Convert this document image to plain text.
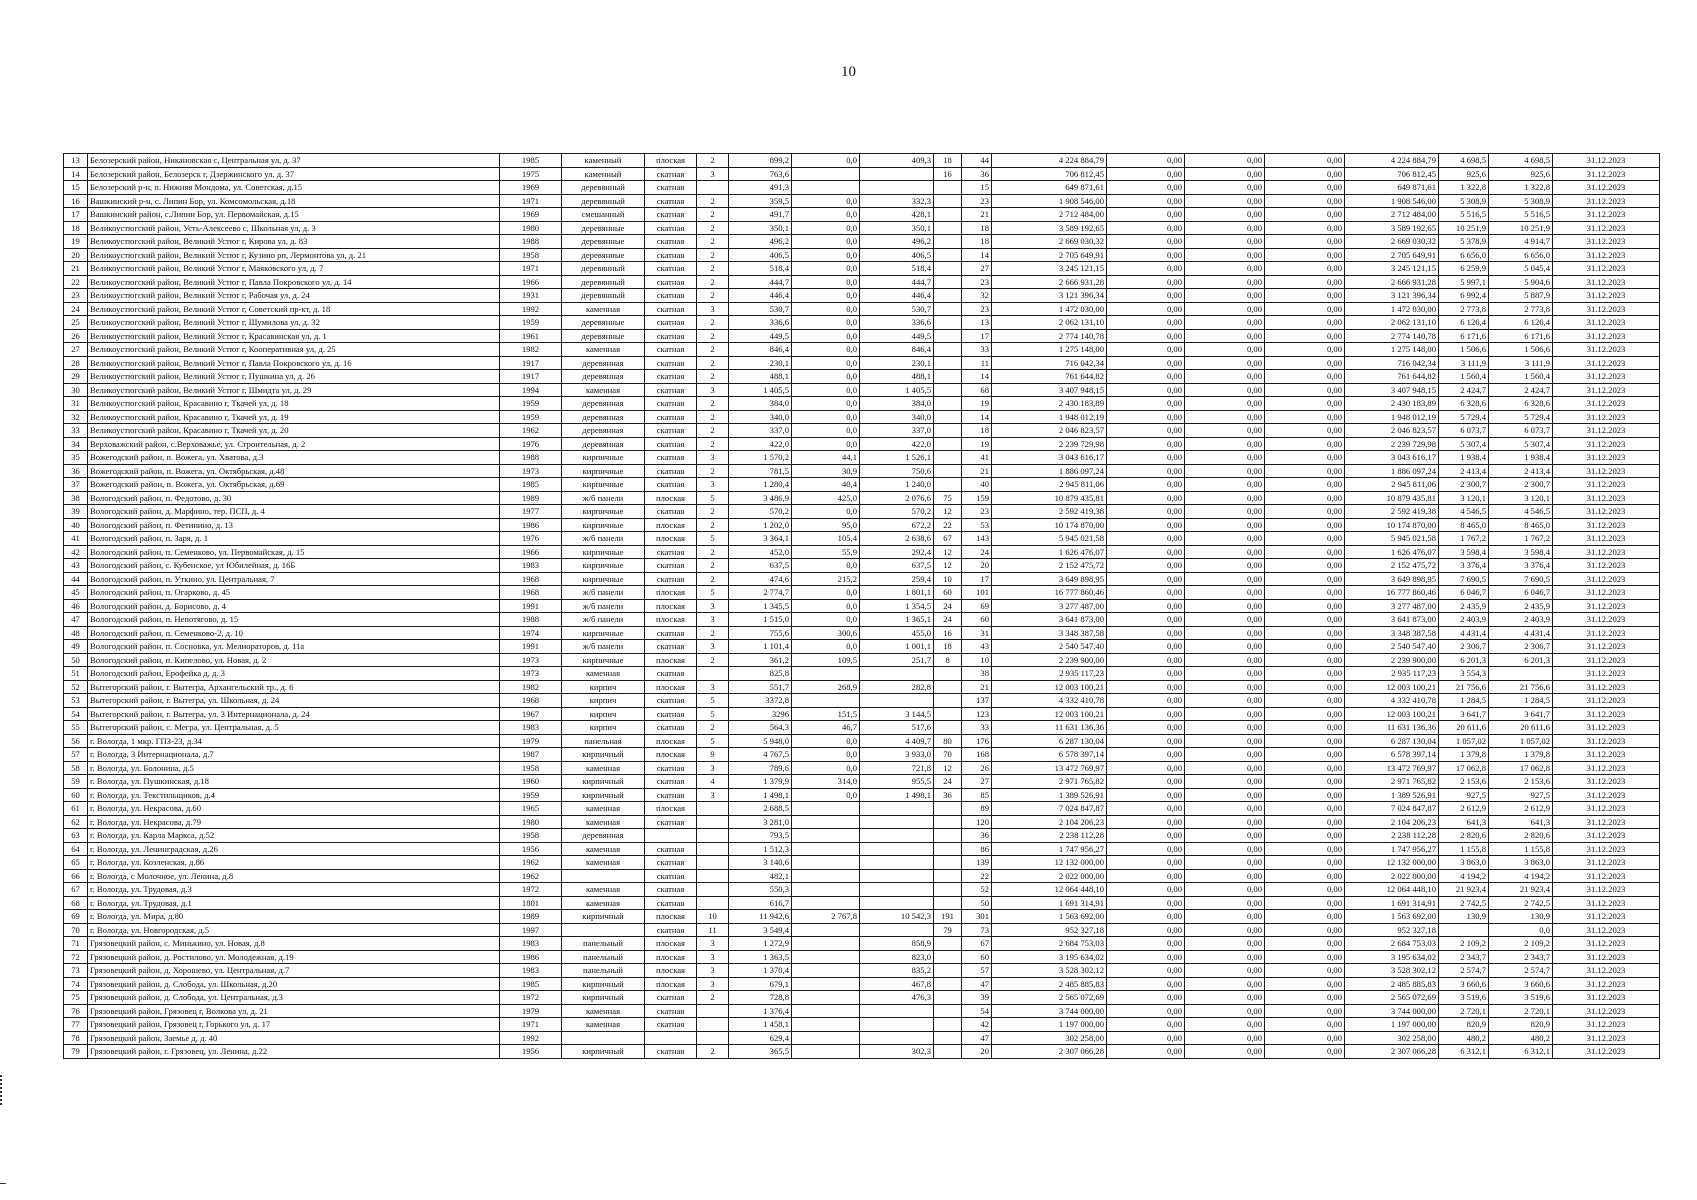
10
13	Белозерский район, Никановская с, Центральная ул, д. 37	1985	каменный	плоская	2	899,2	0,0	409,3	18	44	4 224 884,79	0,00	0,00	0,00	4 224 884,79	4 698,5	4 698,5	31.12.2023
14	Белозерский район, Белозерск г, Дзержинского ул, д. 37	1975	каменный	скатная	3	763,6			16	36	706 812,45	0,00	0,00	0,00	706 812,45	925,6	925,6	31.12.2023
15	Белозерский р-н, п. Нижняя Мондома, ул. Советская, д.15	1969	деревянный	скатная		491,3				15	649 871,61	0,00	0,00	0,00	649 871,61	1 322,8	1 322,8	31.12.2023
16	Вашкинский р-н, с. Липин Бор, ул. Комсомольская, д.18	1971	деревянный	скатная	2	359,5	0,0	332,3		23	1 908 546,00	0,00	0,00	0,00	1 908 546,00	5 308,9	5 308,9	31.12.2023
17	Вашкинский район, с.Липин Бор, ул. Первомайская, д.15	1969	смешанный	скатная	2	491,7	0,0	428,1		21	2 712 484,00	0,00	0,00	0,00	2 712 484,00	5 516,5	5 516,5	31.12.2023
18	Великоустюгский район, Усть-Алексеево с, Школьная ул, д. 3	1980	деревянные	скатная	2	350,1	0,0	350,1		18	3 589 192,65	0,00	0,00	0,00	3 589 192,65	10 251,9	10 251,9	31.12.2023
19	Великоустюгский район, Великий Устюг г, Кирова ул, д. 83	1988	деревянные	скатная	2	496,2	0,0	496,2		18	2 669 030,32	0,00	0,00	0,00	2 669 030,32	5 378,9	4 914,7	31.12.2023
20	Великоустюгский район, Великий Устюг г, Кузино рп, Лермонтова ул, д. 21	1958	деревянные	скатная	2	406,5	0,0	406,5		14	2 705 649,91	0,00	0,00	0,00	2 705 649,91	6 656,0	6 656,0	31.12.2023
21	Великоустюгский район, Великий Устюг г, Маяковского ул, д. 7	1971	деревянный	скатная	2	518,4	0,0	518,4		27	3 245 121,15	0,00	0,00	0,00	3 245 121,15	6 259,9	5 045,4	31.12.2023
22	Великоустюгский район, Великий Устюг г, Павла Покровского ул, д. 14	1966	деревянный	скатная	2	444,7	0,0	444,7		23	2 666 931,28	0,00	0,00	0,00	2 666 931,28	5 997,1	5 904,6	31.12.2023
23	Великоустюгский район, Великий Устюг г, Рабочая ул, д. 24	1931	деревянный	скатная	2	446,4	0,0	446,4		32	3 121 396,34	0,00	0,00	0,00	3 121 396,34	6 992,4	5 887,9	31.12.2023
24	Великоустюгский район, Великий Устюг г, Советский пр-кт, д. 18	1992	каменная	скатная	3	530,7	0,0	530,7		23	1 472 030,00	0,00	0,00	0,00	1 472 030,00	2 773,8	2 773,8	31.12.2023
25	Великоустюгский район, Великий Устюг г, Шумилова ул, д. 32	1959	деревянные	скатная	2	336,6	0,0	336,6		13	2 062 131,10	0,00	0,00	0,00	2 062 131,10	6 126,4	6 126,4	31.12.2023
26	Великоустюгский район, Великий Устюг г, Красавинская ул, д. 1	1961	деревянные	скатная	2	449,5	0,0	449,5		17	2 774 140,78	0,00	0,00	0,00	2 774 140,78	6 171,6	6 171,6	31.12.2023
27	Великоустюгский район, Великий Устюг г, Кооперативная ул, д. 25	1982	каменная	скатная	2	846,4	0,0	846,4		33	1 275 148,00	0,00	0,00	0,00	1 275 148,00	1 506,6	1 506,6	31.12.2023
28	Великоустюгский район, Великий Устюг г, Павла Покровского ул, д. 16	1917	деревянная	скатная	2	230,1	0,0	230,1		11	716 042,34	0,00	0,00	0,00	716 042,34	3 111,9	3 111,9	31.12.2023
29	Великоустюгский район, Великий Устюг г, Пушкина ул, д. 26	1917	деревянная	скатная	2	488,1	0,0	488,1		14	761 644,82	0,00	0,00	0,00	761 644,82	1 560,4	1 560,4	31.12.2023
30	Великоустюгский район, Великий Устюг г, Шмидта ул, д. 29	1994	каменная	скатная	3	1 405,5	0,0	1 405,5		68	3 407 948,15	0,00	0,00	0,00	3 407 948,15	2 424,7	2 424,7	31.12.2023
31	Великоустюгский район, Красавино г, Ткачей ул, д. 18	1959	деревянная	скатная	2	384,0	0,0	384,0		19	2 430 183,89	0,00	0,00	0,00	2 430 183,89	6 328,6	6 328,6	31.12.2023
32	Великоустюгский район, Красавино г, Ткачей ул, д. 19	1959	деревянная	скатная	2	340,0	0,0	340,0		14	1 948 012,19	0,00	0,00	0,00	1 948 012,19	5 729,4	5 729,4	31.12.2023
33	Великоустюгский район, Красавино г, Ткачей ул, д. 20	1962	деревянная	скатная	2	337,0	0,0	337,0		18	2 046 823,57	0,00	0,00	0,00	2 046 823,57	6 073,7	6 073,7	31.12.2023
34	Верховажский район, с.Верховажье, ул. Строительная, д. 2	1976	деревянная	скатная	2	422,0	0,0	422,0		19	2 239 729,98	0,00	0,00	0,00	2 239 729,98	5 307,4	5 307,4	31.12.2023
35	Вожегодский район, п. Вожега, ул. Хватова, д.3	1988	кирпичные	скатная	3	1 570,2	44,1	1 526,1		41	3 043 616,17	0,00	0,00	0,00	3 043 616,17	1 938,4	1 938,4	31.12.2023
36	Вожегодский район, п. Вожега, ул. Октябрьская, д.48	1973	кирпичные	скатная	2	781,5	30,9	750,6		21	1 886 097,24	0,00	0,00	0,00	1 886 097,24	2 413,4	2 413,4	31.12.2023
37	Вожегодский район, п. Вожега, ул. Октябрьская, д.69	1985	кирпичные	скатная	3	1 280,4	40,4	1 240,0		40	2 945 811,06	0,00	0,00	0,00	2 945 811,06	2 300,7	2 300,7	31.12.2023
38	Вологодский район, п. Федотово, д. 30	1989	ж/б панели	плоская	5	3 486,9	425,0	2 076,6	75	159	10 879 435,81	0,00	0,00	0,00	10 879 435,81	3 120,1	3 120,1	31.12.2023
39	Вологодский район, д. Марфино, тер. ПСП, д. 4	1977	кирпичные	скатная	2	570,2	0,0	570,2	12	23	2 592 419,38	0,00	0,00	0,00	2 592 419,38	4 546,5	4 546,5	31.12.2023
40	Вологодский район, п. Фетинино, д. 13	1986	кирпичные	плоская	2	1 202,0	95,0	672,2	22	53	10 174 870,00	0,00	0,00	0,00	10 174 870,00	8 465,0	8 465,0	31.12.2023
41	Вологодский район, п. Заря, д. 1	1976	ж/б панели	плоская	5	3 364,1	105,4	2 638,6	67	143	5 945 021,58	0,00	0,00	0,00	5 945 021,58	1 767,2	1 767,2	31.12.2023
42	Вологодский район, п. Семенково, ул. Первомайская, д. 15	1966	кирпичные	скатная	2	452,0	55,9	292,4	12	24	1 626 476,07	0,00	0,00	0,00	1 626 476,07	3 598,4	3 598,4	31.12.2023
43	Вологодский район, с. Кубенское, ул Юбилейная, д. 16Б	1983	кирпичные	скатная	2	637,5	0,0	637,5	12	20	2 152 475,72	0,00	0,00	0,00	2 152 475,72	3 376,4	3 376,4	31.12.2023
44	Вологодский район, п. Уткино, ул. Центральная, 7	1968	кирпичные	скатная	2	474,6	215,2	259,4	10	17	3 649 898,95	0,00	0,00	0,00	3 649 898,95	7 690,5	7 690,5	31.12.2023
45	Вологодский район, п. Огарково, д. 45	1968	ж/б панели	плоская	5	2 774,7	0,0	1 801,1	60	101	16 777 860,46	0,00	0,00	0,00	16 777 860,46	6 046,7	6 046,7	31.12.2023
46	Вологодский район, д. Борисово, д. 4	1991	ж/б панели	плоская	3	1 345,5	0,0	1 354,5	24	69	3 277 487,00	0,00	0,00	0,00	3 277 487,00	2 435,9	2 435,9	31.12.2023
47	Вологодский район, п. Непотягово, д. 15	1988	ж/б панели	плоская	3	1 515,0	0,0	1 365,1	24	60	3 641 873,00	0,00	0,00	0,00	3 641 873,00	2 403,9	2 403,9	31.12.2023
48	Вологодский район, п. Семенково-2, д. 10	1974	кирпичные	скатная	2	755,6	300,6	455,0	16	31	3 348 387,58	0,00	0,00	0,00	3 348 387,58	4 431,4	4 431,4	31.12.2023
49	Вологодский район, п. Сосновка, ул. Мелиораторов, д. 11а	1991	ж/б панели	скатная	3	1 101,4	0,0	1 001,1	18	43	2 540 547,40	0,00	0,00	0,00	2 540 547,40	2 306,7	2 306,7	31.12.2023
50	Вологодский район, п. Кипелово, ул. Новая, д. 2	1973	кирпичные	плоская	2	361,2	109,5	251,7	8	10	2 239 900,00	0,00	0,00	0,00	2 239 900,00	6 201,3	6 201,3	31.12.2023
51	Вологодский район, Ерофейка д, д. 3	1973	каменная	скатная		825,8				38	2 935 117,23	0,00	0,00	0,00	2 935 117,23	3 554,3		31.12.2023
52	Вытегорский район, г. Вытегра, Архангельский тр., д. 6	1982	кирпич	плоская	3	551,7	268,9	282,8		21	12 003 100,21	0,00	0,00	0,00	12 003 100,21	21 756,6	21 756,6	31.12.2023
53	Вытегорский район, г. Вытегра, ул. Школьная, д. 24	1968	кирпич	скатная	5	3372,8				137	4 332 410,78	0,00	0,00	0,00	4 332 410,78	1 284,5	1 284,5	31.12.2023
54	Вытегорский район, г. Вытегра, ул. 3 Интернационала, д. 24	1967	кирпич	скатная	5	3296	151,5	3 144,5		123	12 003 100,21	0,00	0,00	0,00	12 003 100,21	3 641,7	3 641,7	31.12.2023
55	Вытегорский район, с. Мегра, ул. Центральная, д. 5	1983	кирпич	скатная	2	564,3	46,7	517,6		33	11 631 136,36	0,00	0,00	0,00	11 631 136,36	20 611,6	20 611,6	31.12.2023
56	г. Вологда, 1 мкр. ГПЗ-23, д.34	1979	панельная	плоская	5	5 948,0	0,0	4 409,7	80	176	6 287 130,04	0,00	0,00	0,00	6 287 130,04	1 057,02	1 057,02	31.12.2023
57	г. Вологда, 3 Интернационала, д.7	1987	кирпичный	плоская	9	4 767,5	0,0	3 933,0	70	168	6 578 397,14	0,00	0,00	0,00	6 578 397,14	1 379,8	1 379,8	31.12.2023
58	г. Вологда, ул. Болонина, д.5	1958	каменная	скатная	3	789,6	0,0	721,8	12	26	13 472 769,97	0,00	0,00	0,00	13 472 769,97	17 062,8	17 062,8	31.12.2023
59	г. Вологда, ул. Пушкинская, д.18	1960	кирпичный	скатная	4	1 379,9	314,0	955,5	24	27	2 971 765,82	0,00	0,00	0,00	2 971 765,82	2 153,6	2 153,6	31.12.2023
60	г. Вологда, ул. Текстильщиков, д.4	1959	кирпичный	скатная	3	1 498,1	0,0	1 498,1	36	85	1 389 526,91	0,00	0,00	0,00	1 389 526,91	927,5	927,5	31.12.2023
61	г. Вологда, ул. Некрасова, д.60	1965	каменная	плоская		2 688,5				89	7 024 847,87	0,00	0,00	0,00	7 024 847,87	2 612,9	2 612,9	31.12.2023
62	г. Вологда, ул. Некрасова, д.79	1980	каменная	скатная		3 281,0				120	2 104 206,23	0,00	0,00	0,00	2 104 206,23	641,3	641,3	31.12.2023
63	г. Вологда, ул. Карла Маркса, д.52	1958	деревянная			793,5				36	2 238 112,28	0,00	0,00	0,00	2 238 112,28	2 820,6	2 820,6	31.12.2023
64	г. Вологда, ул. Ленинградская, д.26	1956	каменная	скатная		1 512,3				86	1 747 956,27	0,00	0,00	0,00	1 747 956,27	1 155,8	1 155,8	31.12.2023
65	г. Вологда, ул. Козленская, д.86	1962	каменная	скатная		3 140,6				139	12 132 000,00	0,00	0,00	0,00	12 132 000,00	3 863,0	3 863,0	31.12.2023
66	г. Вологда, с Молочное, ул. Ленина, д.8	1962		скатная		482,1				22	2 022 000,00	0,00	0,00	0,00	2 022 000,00	4 194,2	4 194,2	31.12.2023
67	г. Вологда, ул. Трудовая, д.3	1972	каменная	скатная		550,3				52	12 064 448,10	0,00	0,00	0,00	12 064 448,10	21 923,4	21 923,4	31.12.2023
68	г. Вологда, ул. Трудовая, д.1	1801	каменная	скатная		616,7				50	1 691 314,91	0,00	0,00	0,00	1 691 314,91	2 742,5	2 742,5	31.12.2023
69	г. Вологда, ул. Мира, д.80	1989	кирпичный	плоская	10	11 942,6	2 767,8	10 542,3	191	301	1 563 692,00	0,00	0,00	0,00	1 563 692,00	130,9	130,9	31.12.2023
70	г. Вологда, ул. Новгородская, д.5	1997		скатная	11	3 549,4			79	73	952 327,18	0,00	0,00	0,00	952 327,18		0,0	31.12.2023
71	Грязовецкий район, с. Минькино, ул. Новая, д.8	1983	панельный	плоская	3	1 272,9		858,9		67	2 684 753,03	0,00	0,00	0,00	2 684 753,03	2 109,2	2 109,2	31.12.2023
72	Грязовецкий район, д. Ростилово, ул. Молодежная, д.19	1986	панельный	плоская	3	1 363,5		823,0		60	3 195 634,02	0,00	0,00	0,00	3 195 634,02	2 343,7	2 343,7	31.12.2023
73	Грязовецкий район, д. Хорошево, ул. Центральная, д.7	1983	панельный	плоская	3	1 370,4		835,2		57	3 528 302,12	0,00	0,00	0,00	3 528 302,12	2 574,7	2 574,7	31.12.2023
74	Грязовецкий район, д. Слобода, ул. Школьная, д.20	1985	кирпичный	плоская	3	679,1		467,8		47	2 485 885,83	0,00	0,00	0,00	2 485 885,83	3 660,6	3 660,6	31.12.2023
75	Грязовецкий район, д. Слобода, ул. Центральная, д.3	1972	кирпичный	скатная	2	728,8		476,3		39	2 565 072,69	0,00	0,00	0,00	2 565 072,69	3 519,6	3 519,6	31.12.2023
76	Грязовецкий район, Грязовец г, Волкова ул, д. 21	1979	каменная	скатная		1 376,4				54	3 744 000,00	0,00	0,00	0,00	3 744 000,00	2 720,1	2 720,1	31.12.2023
77	Грязовецкий район, Грязовец г, Горького ул, д. 17	1971	каменная	скатная		1 458,1				42	1 197 000,00	0,00	0,00	0,00	1 197 000,00	820,9	820,9	31.12.2023
78	Грязовецкий район, Заемье д, д. 40	1992				629,4				47	302 258,00	0,00	0,00	0,00	302 258,00	480,2	480,2	31.12.2023
79	Грязовецкий район, г. Грязовец, ул. Ленина, д.22	1956	кирпичный	скатная	2	365,5		302,3		20	2 307 066,28	0,00	0,00	0,00	2 307 066,28	6 312,1	6 312,1	31.12.2023
